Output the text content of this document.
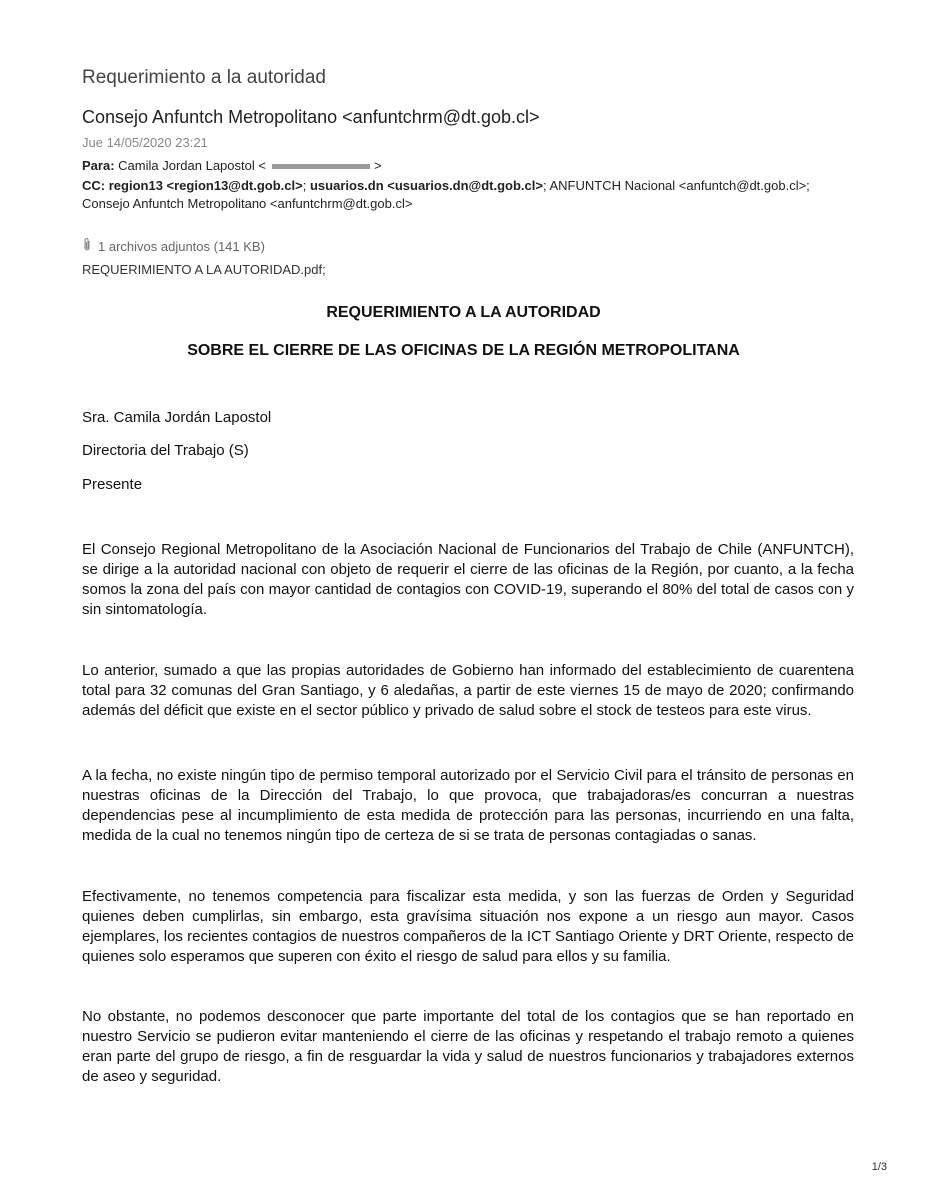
Requerimiento a la autoridad
Consejo Anfuntch Metropolitano <anfuntchrm@dt.gob.cl>
Jue 14/05/2020 23:21
Para: Camila Jordan Lapostol <	>
CC: region13 <region13@dt.gob.cl>; usuarios.dn <usuarios.dn@dt.gob.cl>; ANFUNTCH Nacional <anfuntch@dt.gob.cl>;
Consejo Anfuntch Metropolitano <anfuntchrm@dt.gob.cl>
1 archivos adjuntos (141 KB)
REQUERIMIENTO A LA AUTORIDAD.pdf;
REQUERIMIENTO A LA AUTORIDAD
SOBRE EL CIERRE DE LAS OFICINAS DE LA REGIÓN METROPOLITANA
Sra. Camila Jordán Lapostol
Directoria del Trabajo (S)
Presente
El Consejo Regional Metropolitano de la Asociación Nacional de Funcionarios del Trabajo de Chile (ANFUNTCH), se dirige a la autoridad nacional con objeto de requerir el cierre de las oficinas de la Región, por cuanto, a la fecha somos la zona del país con mayor cantidad de contagios con COVID-19, superando el 80% del total de casos con y sin sintomatología.
Lo anterior, sumado a que las propias autoridades de Gobierno han informado del establecimiento de cuarentena total para 32 comunas del Gran Santiago, y 6 aledañas, a partir de este viernes 15 de mayo de 2020; confirmando además del déficit que existe en el sector público y privado de salud sobre el stock de testeos para este virus.
A la fecha, no existe ningún tipo de permiso temporal autorizado por el Servicio Civil para el tránsito de personas en nuestras oficinas de la Dirección del Trabajo, lo que provoca, que trabajadoras/es concurran a nuestras dependencias pese al incumplimiento de esta medida de protección para las personas, incurriendo en una falta, medida de la cual no tenemos ningún tipo de certeza de si se trata de personas contagiadas o sanas.
Efectivamente, no tenemos competencia para fiscalizar esta medida, y son las fuerzas de Orden y Seguridad quienes deben cumplirlas, sin embargo, esta gravísima situación nos expone a un riesgo aun mayor. Casos ejemplares, los recientes contagios de nuestros compañeros de la ICT Santiago Oriente y DRT Oriente, respecto de quienes solo esperamos que superen con éxito el riesgo de salud para ellos y su familia.
No obstante, no podemos desconocer que parte importante del total de los contagios que se han reportado en nuestro Servicio se pudieron evitar manteniendo el cierre de las oficinas y respetando el trabajo remoto a quienes eran parte del grupo de riesgo, a fin de resguardar la vida y salud de nuestros funcionarios y trabajadores externos de aseo y seguridad.
1/3
